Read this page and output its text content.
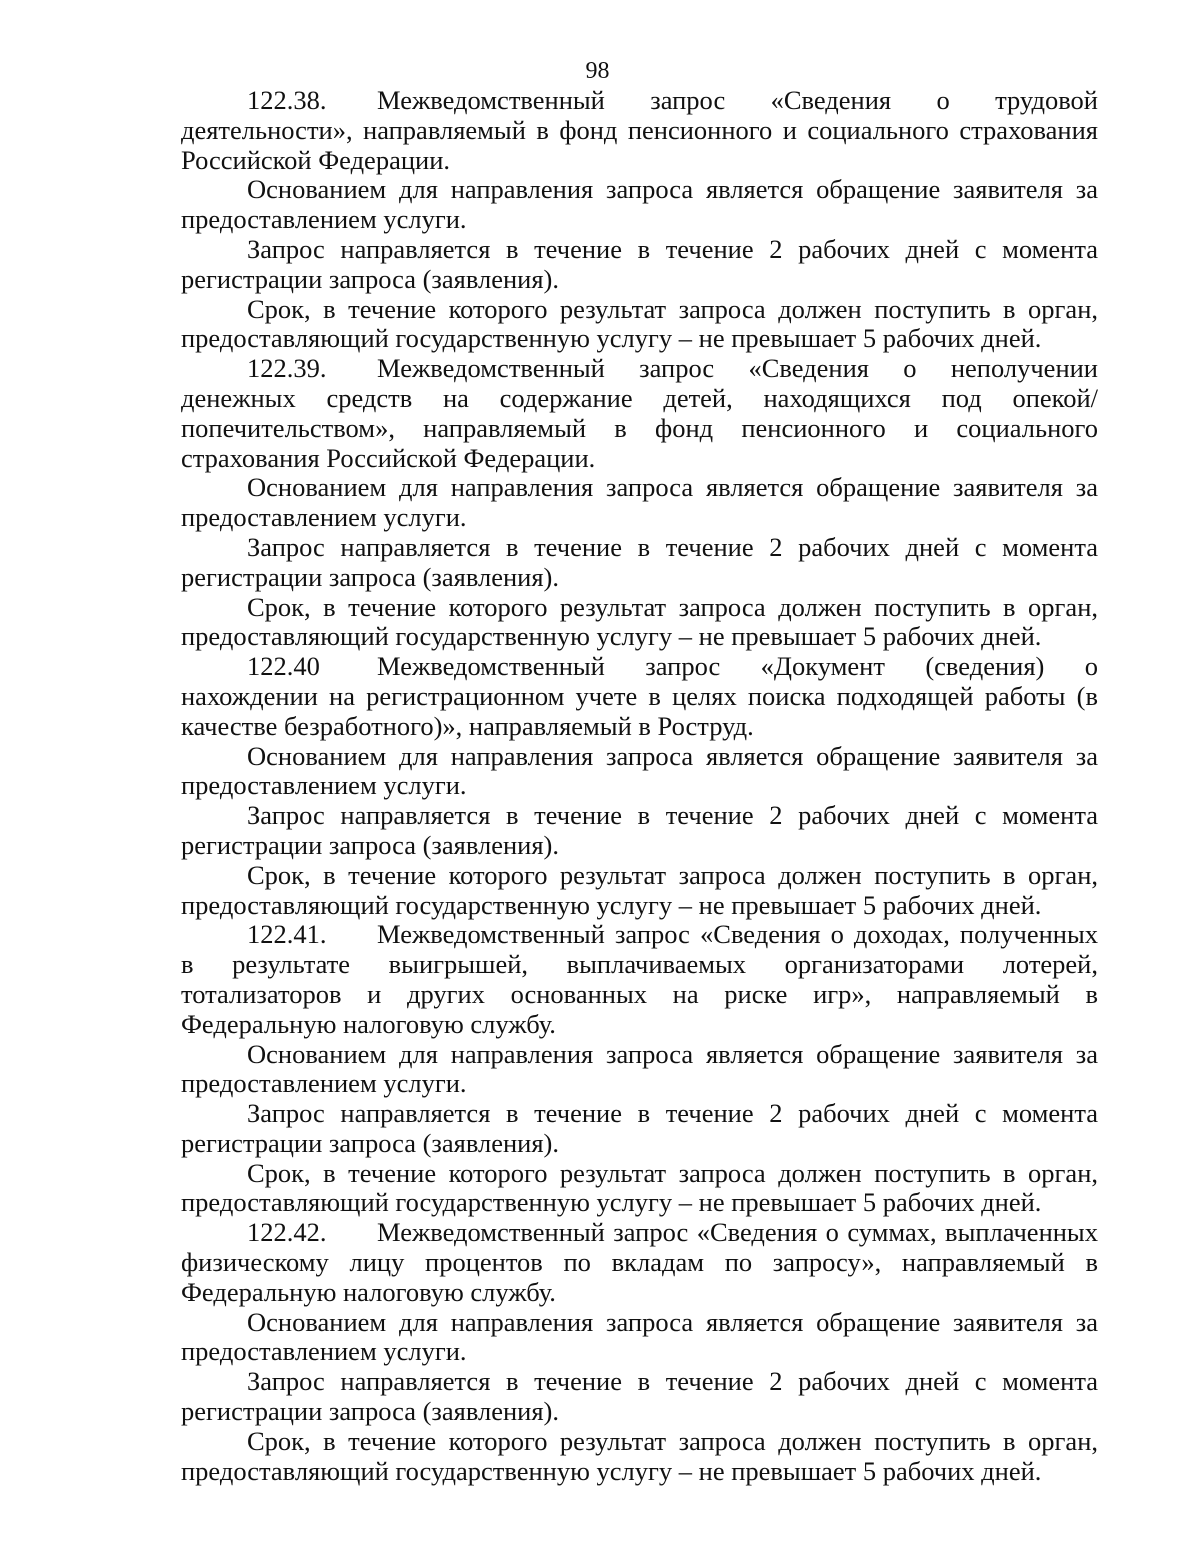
98

122.38. Межведомственный запрос «Сведения о трудовой деятельности», направляемый в фонд пенсионного и социального страхования Российской Федерации.

Основанием для направления запроса является обращение заявителя за предоставлением услуги.

Запрос направляется в течение в течение 2 рабочих дней с момента регистрации запроса (заявления).

Срок, в течение которого результат запроса должен поступить в орган, предоставляющий государственную услугу – не превышает 5 рабочих дней.

122.39. Межведомственный запрос «Сведения о неполучении денежных средств на содержание детей, находящихся под опекой/попечительством», направляемый в фонд пенсионного и социального страхования Российской Федерации.

Основанием для направления запроса является обращение заявителя за предоставлением услуги.

Запрос направляется в течение в течение 2 рабочих дней с момента регистрации запроса (заявления).

Срок, в течение которого результат запроса должен поступить в орган, предоставляющий государственную услугу – не превышает 5 рабочих дней.

122.40 Межведомственный запрос «Документ (сведения) о нахождении на регистрационном учете в целях поиска подходящей работы (в качестве безработного)», направляемый в Роструд.

Основанием для направления запроса является обращение заявителя за предоставлением услуги.

Запрос направляется в течение в течение 2 рабочих дней с момента регистрации запроса (заявления).

Срок, в течение которого результат запроса должен поступить в орган, предоставляющий государственную услугу – не превышает 5 рабочих дней.

122.41. Межведомственный запрос «Сведения о доходах, полученных в результате выигрышей, выплачиваемых организаторами лотерей, тотализаторов и других основанных на риске игр», направляемый в Федеральную налоговую службу.

Основанием для направления запроса является обращение заявителя за предоставлением услуги.

Запрос направляется в течение в течение 2 рабочих дней с момента регистрации запроса (заявления).

Срок, в течение которого результат запроса должен поступить в орган, предоставляющий государственную услугу – не превышает 5 рабочих дней.

122.42. Межведомственный запрос «Сведения о суммах, выплаченных физическому лицу процентов по вкладам по запросу», направляемый в Федеральную налоговую службу.

Основанием для направления запроса является обращение заявителя за предоставлением услуги.

Запрос направляется в течение в течение 2 рабочих дней с момента регистрации запроса (заявления).

Срок, в течение которого результат запроса должен поступить в орган, предоставляющий государственную услугу – не превышает 5 рабочих дней.
